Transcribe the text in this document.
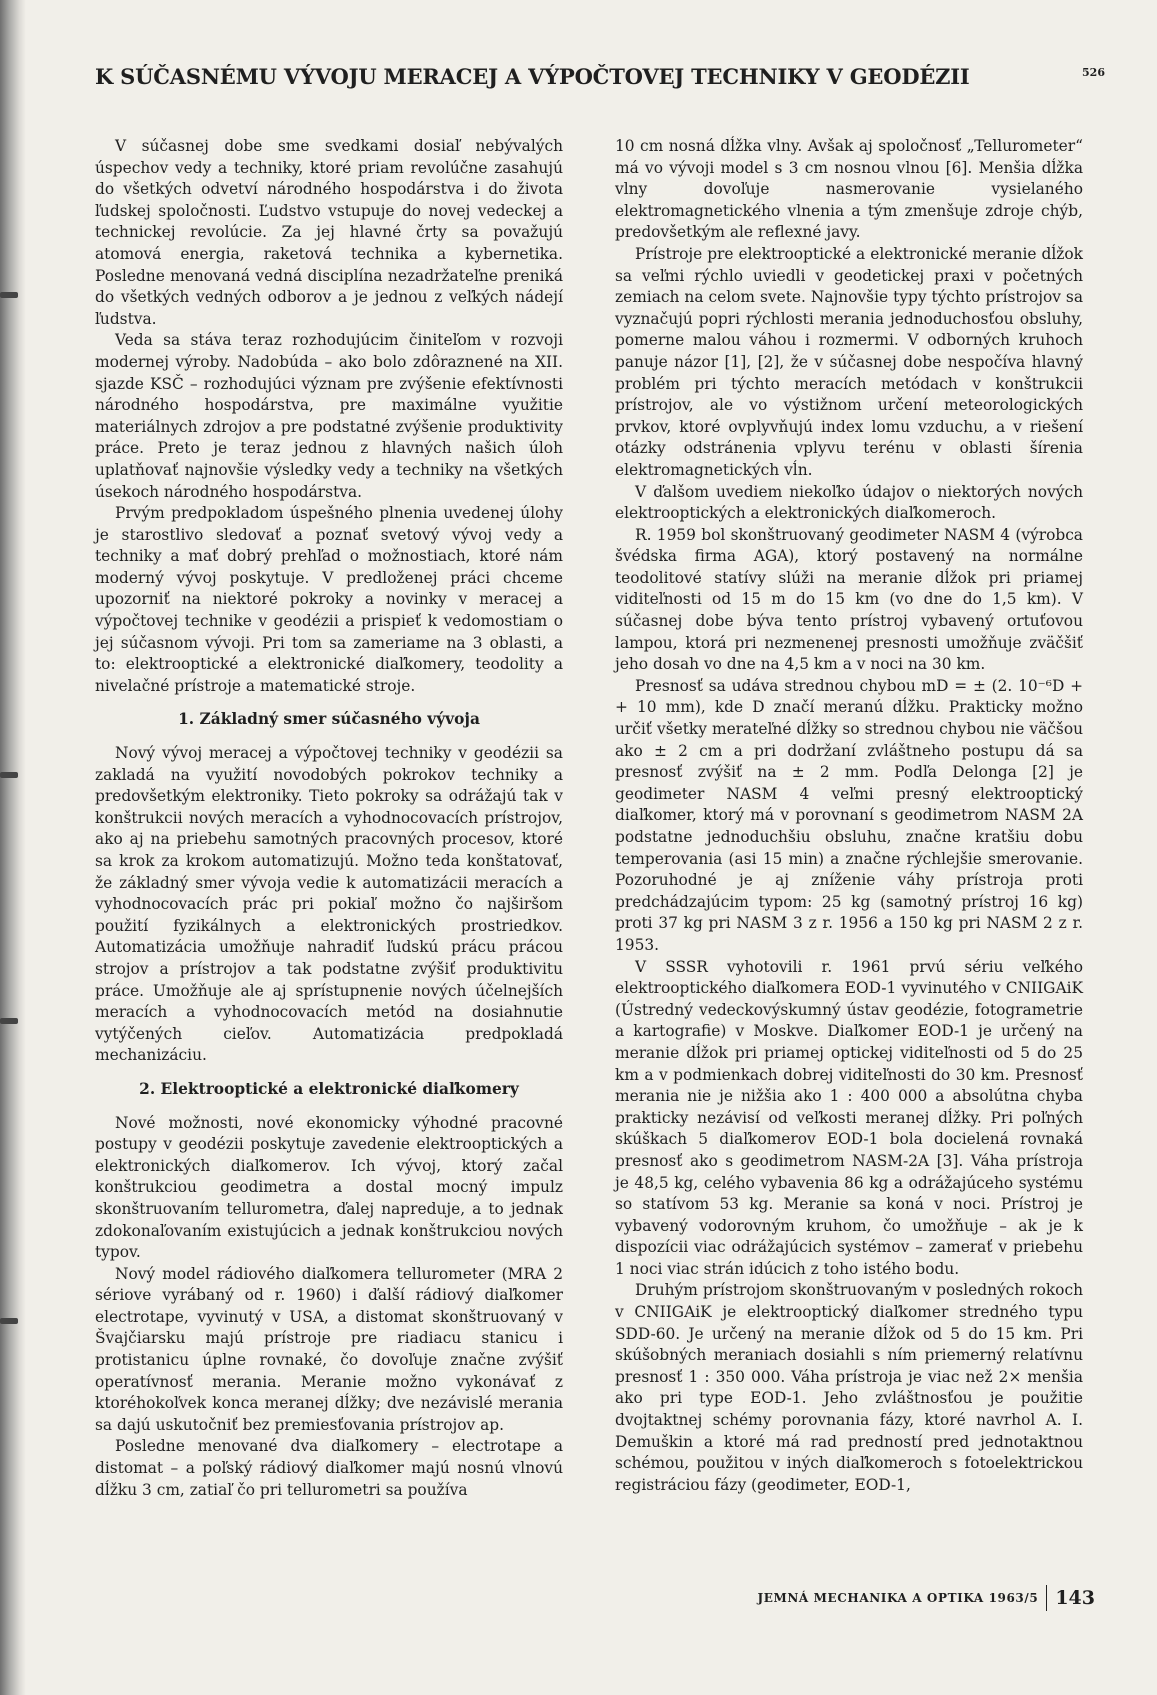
K SÚČASNÉMU VÝVOJU MERACEJ A VÝPOČTOVEJ TECHNIKY V GEODÉZII	526

V súčasnej dobe sme svedkami dosiaľ nebývalých úspechov vedy a techniky, ktoré priam revolúčne zasahujú do všetkých odvetví národného hospodárstva i do života ľudskej spoločnosti. Ľudstvo vstupuje do novej vedeckej a technickej revolúcie. Za jej hlavné črty sa považujú atomová energia, raketová technika a kybernetika. Posledne menovaná vedná disciplína nezadržateľne preniká do všetkých vedných odborov a je jednou z veľkých nádejí ľudstva.

Veda sa stáva teraz rozhodujúcim činiteľom v rozvoji modernej výroby. Nadobúda – ako bolo zdôraznené na XII. sjazde KSČ – rozhodujúci význam pre zvýšenie efektívnosti národného hospodárstva, pre maximálne využitie materiálnych zdrojov a pre podstatné zvýšenie produktivity práce. Preto je teraz jednou z hlavných našich úloh uplatňovať najnovšie výsledky vedy a techniky na všetkých úsekoch národného hospodárstva.

Prvým predpokladom úspešného plnenia uvedenej úlohy je starostlivo sledovať a poznať svetový vývoj vedy a techniky a mať dobrý prehľad o možnostiach, ktoré nám moderný vývoj poskytuje. V predloženej práci chceme upozorniť na niektoré pokroky a novinky v meracej a výpočtovej technike v geodézii a prispieť k vedomostiam o jej súčasnom vývoji. Pri tom sa zameriame na 3 oblasti, a to: elektrooptické a elektronické diaľkomery, teodolity a nivelačné prístroje a matematické stroje.

1. Základný smer súčasného vývoja

Nový vývoj meracej a výpočtovej techniky v geodézii sa zakladá na využití novodobých pokrokov techniky a predovšetkým elektroniky. Tieto pokroky sa odrážajú tak v konštrukcii nových meracích a vyhodnocovacích prístrojov, ako aj na priebehu samotných pracovných procesov, ktoré sa krok za krokom automatizujú. Možno teda konštatovať, že základný smer vývoja vedie k automatizácii meracích a vyhodnocovacích prác pri pokiaľ možno čo najširšom použití fyzikálnych a elektronických prostriedkov. Automatizácia umožňuje nahradiť ľudskú prácu prácou strojov a prístrojov a tak podstatne zvýšiť produktivitu práce. Umožňuje ale aj sprístupnenie nových účelnejších meracích a vyhodnocovacích metód na dosiahnutie vytýčených cieľov. Automatizácia predpokladá mechanizáciu.

2. Elektrooptické a elektronické diaľkomery

Nové možnosti, nové ekonomicky výhodné pracovné postupy v geodézii poskytuje zavedenie elektrooptických a elektronických diaľkomerov. Ich vývoj, ktorý začal konštrukciou geodimetra a dostal mocný impulz skonštruovaním tellurometra, ďalej napreduje, a to jednak zdokonaľovaním existujúcich a jednak konštrukciou nových typov.

Nový model rádiového diaľkomera tellurometer (MRA 2 sériove vyrábaný od r. 1960) i ďalší rádiový diaľkomer electrotape, vyvinutý v USA, a distomat skonštruovaný v Švajčiarsku majú prístroje pre riadiacu stanicu i protistanicu úplne rovnaké, čo dovoľuje značne zvýšiť operatívnosť merania. Meranie možno vykonávať z ktoréhokoľvek konca meranej dĺžky; dve nezávislé merania sa dajú uskutočniť bez premiesťovania prístrojov ap.

Posledne menované dva diaľkomery – electrotape a distomat – a poľský rádiový diaľkomer majú nosnú vlnovú dĺžku 3 cm, zatiaľ čo pri tellurometri sa používa

10 cm nosná dĺžka vlny. Avšak aj spoločnosť „Tellurometer“ má vo vývoji model s 3 cm nosnou vlnou [6]. Menšia dĺžka vlny dovoľuje nasmerovanie vysielaného elektromagnetického vlnenia a tým zmenšuje zdroje chýb, predovšetkým ale reflexné javy.

Prístroje pre elektrooptické a elektronické meranie dĺžok sa veľmi rýchlo uviedli v geodetickej praxi v početných zemiach na celom svete. Najnovšie typy týchto prístrojov sa vyznačujú popri rýchlosti merania jednoduchosťou obsluhy, pomerne malou váhou i rozmermi. V odborných kruhoch panuje názor [1], [2], že v súčasnej dobe nespočíva hlavný problém pri týchto meracích metódach v konštrukcii prístrojov, ale vo výstižnom určení meteorologických prvkov, ktoré ovplyvňujú index lomu vzduchu, a v riešení otázky odstránenia vplyvu terénu v oblasti šírenia elektromagnetických vĺn.

V ďalšom uvediem niekoľko údajov o niektorých nových elektrooptických a elektronických diaľkomeroch.

R. 1959 bol skonštruovaný geodimeter NASM 4 (výrobca švédska firma AGA), ktorý postavený na normálne teodolitové statívy slúži na meranie dĺžok pri priamej viditeľnosti od 15 m do 15 km (vo dne do 1,5 km). V súčasnej dobe býva tento prístroj vybavený ortuťovou lampou, ktorá pri nezmenenej presnosti umožňuje zväčšiť jeho dosah vo dne na 4,5 km a v noci na 30 km.

Presnosť sa udáva strednou chybou mD = ± (2. 10⁻⁶D + + 10 mm), kde D značí meranú dĺžku. Prakticky možno určiť všetky merateľné dĺžky so strednou chybou nie väčšou ako ± 2 cm a pri dodržaní zvláštneho postupu dá sa presnosť zvýšiť na ± 2 mm. Podľa Delonga [2] je geodimeter NASM 4 veľmi presný elektrooptický diaľkomer, ktorý má v porovnaní s geodimetrom NASM 2A podstatne jednoduchšiu obsluhu, značne kratšiu dobu temperovania (asi 15 min) a značne rýchlejšie smerovanie. Pozoruhodné je aj zníženie váhy prístroja proti predchádzajúcim typom: 25 kg (samotný prístroj 16 kg) proti 37 kg pri NASM 3 z r. 1956 a 150 kg pri NASM 2 z r. 1953.

V SSSR vyhotovili r. 1961 prvú sériu veľkého elektrooptického diaľkomera EOD-1 vyvinutého v CNIIGAiK (Ústredný vedeckovýskumný ústav geodézie, fotogrametrie a kartografie) v Moskve. Diaľkomer EOD-1 je určený na meranie dĺžok pri priamej optickej viditeľnosti od 5 do 25 km a v podmienkach dobrej viditeľnosti do 30 km. Presnosť merania nie je nižšia ako 1 : 400 000 a absolútna chyba prakticky nezávisí od veľkosti meranej dĺžky. Pri poľných skúškach 5 diaľkomerov EOD-1 bola docielená rovnaká presnosť ako s geodimetrom NASM-2A [3]. Váha prístroja je 48,5 kg, celého vybavenia 86 kg a odrážajúceho systému so statívom 53 kg. Meranie sa koná v noci. Prístroj je vybavený vodorovným kruhom, čo umožňuje – ak je k dispozícii viac odrážajúcich systémov – zamerať v priebehu 1 noci viac strán idúcich z toho istého bodu.

Druhým prístrojom skonštruovaným v posledných rokoch v CNIIGAiK je elektrooptický diaľkomer stredného typu SDD-60. Je určený na meranie dĺžok od 5 do 15 km. Pri skúšobných meraniach dosiahli s ním priemerný relatívnu presnosť 1 : 350 000. Váha prístroja je viac než 2× menšia ako pri type EOD-1. Jeho zvláštnosťou je použitie dvojtaktnej schémy porovnania fázy, ktoré navrhol A. I. Demuškin a ktoré má rad predností pred jednotaktnou schémou, použitou v iných diaľkomeroch s fotoelektrickou registráciou fázy (geodimeter, EOD-1,

JEMNÁ MECHANIKA A OPTIKA 1963/5 143
